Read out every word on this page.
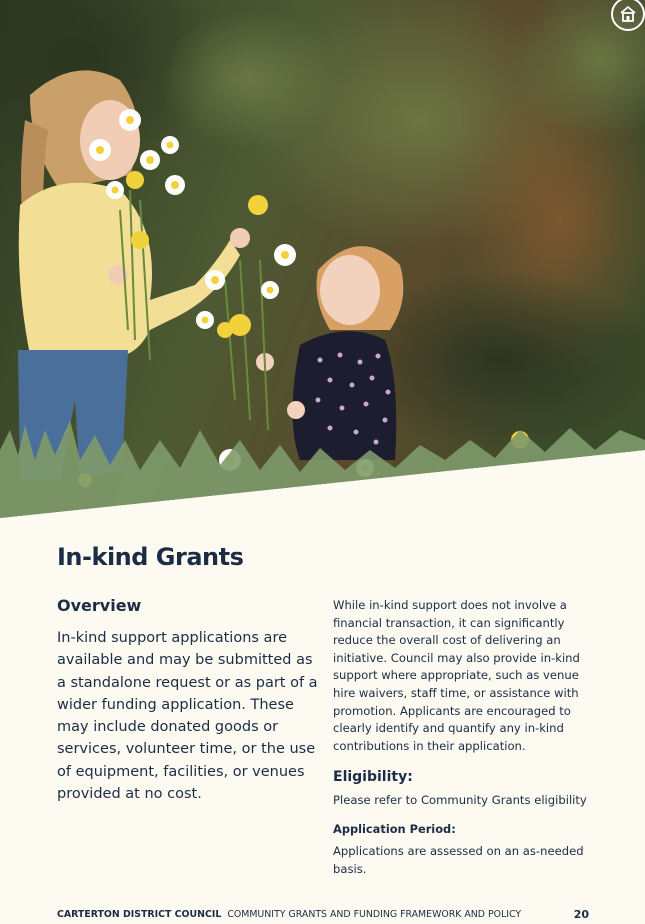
In-kind Grants
Overview

In-kind support applications are available and may be submitted as a standalone request or as part of a wider funding application. These may include donated goods or services, volunteer time, or the use of equipment, facilities, or venues provided at no cost.

While in-kind support does not involve a financial transaction, it can significantly reduce the overall cost of delivering an initiative. Council may also provide in-kind support where appropriate, such as venue hire waivers, staff time, or assistance with promotion. Applicants are encouraged to clearly identify and quantify any in-kind contributions in their application.

Eligibility:

Please refer to Community Grants eligibility

Application Period:

Applications are assessed on an as-needed basis.

CARTERTON DISTRICT COUNCIL COMMUNITY GRANTS AND FUNDING FRAMEWORK AND POLICY	20
